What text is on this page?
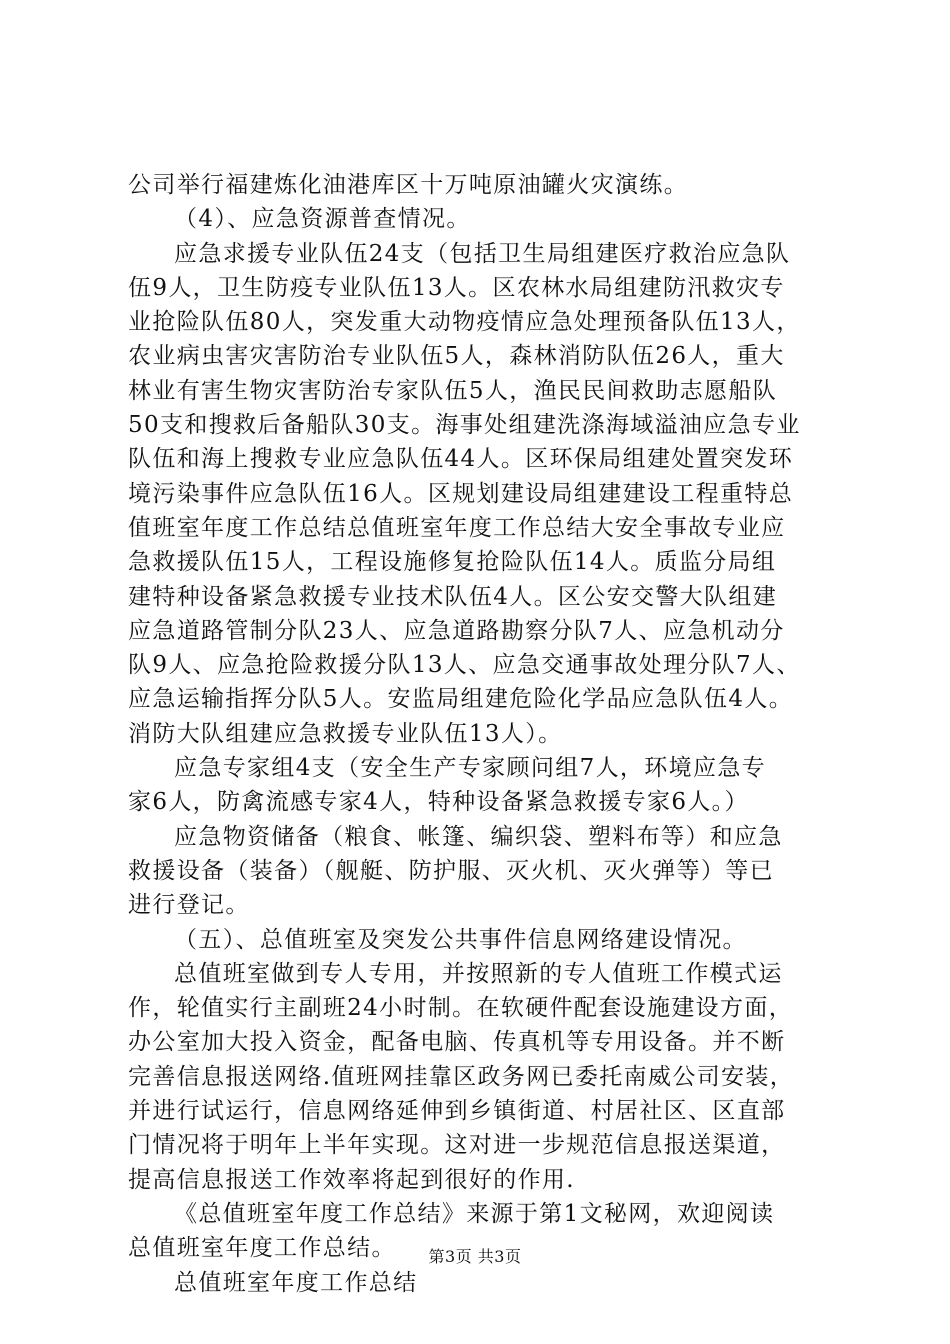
公司举行福建炼化油港库区十万吨原油罐火灾演练。
（4）、应急资源普查情况。
应急求援专业队伍24支（包括卫生局组建医疗救治应急队
伍9人，卫生防疫专业队伍13人。区农林水局组建防汛救灾专
业抢险队伍80人，突发重大动物疫情应急处理预备队伍13人，
农业病虫害灾害防治专业队伍5人，森林消防队伍26人，重大
林业有害生物灾害防治专家队伍5人，渔民民间救助志愿船队
50支和搜救后备船队30支。海事处组建洗涤海域溢油应急专业
队伍和海上搜救专业应急队伍44人。区环保局组建处置突发环
境污染事件应急队伍16人。区规划建设局组建建设工程重特总
值班室年度工作总结总值班室年度工作总结大安全事故专业应
急救援队伍15人，工程设施修复抢险队伍14人。质监分局组
建特种设备紧急救援专业技术队伍4人。区公安交警大队组建
应急道路管制分队23人、应急道路勘察分队7人、应急机动分
队9人、应急抢险救援分队13人、应急交通事故处理分队7人、
应急运输指挥分队5人。安监局组建危险化学品应急队伍4人。
消防大队组建应急救援专业队伍13人）。
应急专家组4支（安全生产专家顾问组7人，环境应急专
家6人，防禽流感专家4人，特种设备紧急救援专家6人。）
应急物资储备（粮食、帐篷、编织袋、塑料布等）和应急
救援设备（装备）（舰艇、防护服、灭火机、灭火弹等）等已
进行登记。
（五）、总值班室及突发公共事件信息网络建设情况。
总值班室做到专人专用，并按照新的专人值班工作模式运
作，轮值实行主副班24小时制。在软硬件配套设施建设方面，
办公室加大投入资金，配备电脑、传真机等专用设备。并不断
完善信息报送网络.值班网挂靠区政务网已委托南威公司安装，
并进行试运行，信息网络延伸到乡镇街道、村居社区、区直部
门情况将于明年上半年实现。这对进一步规范信息报送渠道，
提高信息报送工作效率将起到很好的作用.
《总值班室年度工作总结》来源于第1文秘网，欢迎阅读
总值班室年度工作总结。
总值班室年度工作总结
第3页 共3页
